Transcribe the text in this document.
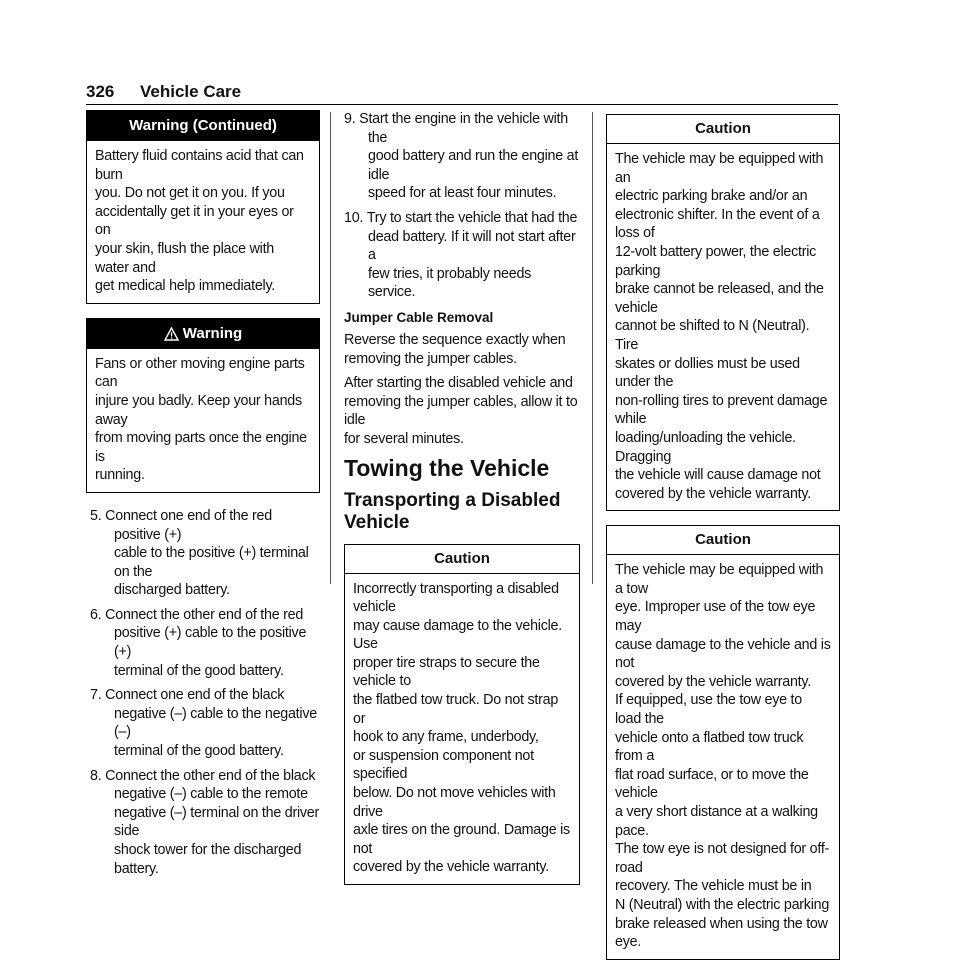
326 Vehicle Care
Warning (Continued)
Battery fluid contains acid that can burn
you. Do not get it on you. If you
accidentally get it in your eyes or on
your skin, flush the place with water and
get medical help immediately.
Warning
Fans or other moving engine parts can
injure you badly. Keep your hands away
from moving parts once the engine is
running.
5. Connect one end of the red positive (+)
cable to the positive (+) terminal on the
discharged battery.
6. Connect the other end of the red
positive (+) cable to the positive (+)
terminal of the good battery.
7. Connect one end of the black
negative (–) cable to the negative (–)
terminal of the good battery.
8. Connect the other end of the black
negative (–) cable to the remote
negative (–) terminal on the driver side
shock tower for the discharged battery.
9. Start the engine in the vehicle with the
good battery and run the engine at idle
speed for at least four minutes.
10. Try to start the vehicle that had the
dead battery. If it will not start after a
few tries, it probably needs service.
Jumper Cable Removal
Reverse the sequence exactly when
removing the jumper cables.
After starting the disabled vehicle and
removing the jumper cables, allow it to idle
for several minutes.
Towing the Vehicle
Transporting a Disabled Vehicle
Caution
Incorrectly transporting a disabled vehicle
may cause damage to the vehicle. Use
proper tire straps to secure the vehicle to
the flatbed tow truck. Do not strap or
hook to any frame, underbody,
or suspension component not specified
below. Do not move vehicles with drive
axle tires on the ground. Damage is not
covered by the vehicle warranty.
Caution
The vehicle may be equipped with an
electric parking brake and/or an
electronic shifter. In the event of a loss of
12-volt battery power, the electric parking
brake cannot be released, and the vehicle
cannot be shifted to N (Neutral). Tire
skates or dollies must be used under the
non-rolling tires to prevent damage while
loading/unloading the vehicle. Dragging
the vehicle will cause damage not
covered by the vehicle warranty.
Caution
The vehicle may be equipped with a tow
eye. Improper use of the tow eye may
cause damage to the vehicle and is not
covered by the vehicle warranty.
If equipped, use the tow eye to load the
vehicle onto a flatbed tow truck from a
flat road surface, or to move the vehicle
a very short distance at a walking pace.
The tow eye is not designed for off-road
recovery. The vehicle must be in
N (Neutral) with the electric parking
brake released when using the tow eye.
